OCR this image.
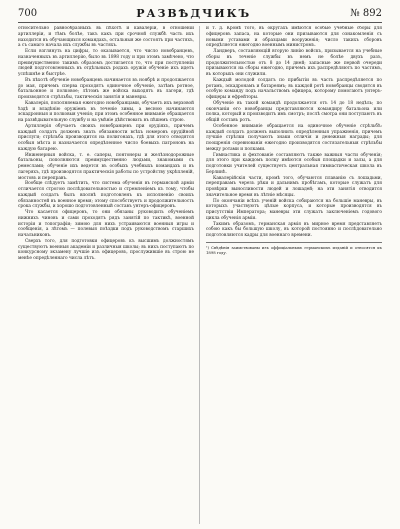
700	РАЗВѢДЧИКЪ	№ 892

относительно равнообразныхъ въ пѣхотѣ и кавалеріи, в отношеніи артиллеріи, и тѣмъ болѣе, такъ какъ при срочной службѣ часть ихъ находится въ обучающихся командахъ, остальныя же состоятъ при частяхъ, а съ самаго начала ихъ службы въ частяхъ.

Если взглянуть на цифры, то оказывается, что число новобранцевъ, назначенныхъ въ артиллерію, было въ 1898 году и при этомъ замѣчено, что преимущественно такимъ образомъ достигается то, что при поступленіи людей подготовленныхъ въ отдѣльныхъ родахъ оружія обученіе ихъ идетъ успѣшнѣе и быстрѣе.

Въ пѣхотѣ обученіе новобранцевъ начинается въ ноябрѣ и продолжается до мая, причемъ сперва проходятъ одиночное обученіе, затѣмъ ротное, батальонное и полковое; лѣтомъ же войска выходятъ въ лагери, гдѣ производятся стрѣльбы, тактическія занятія и маневры.

Кавалерія, пополняемая ежегодно новобранцами, обучаетъ ихъ верховой ѣздѣ и владѣнію оружіемъ въ теченіе зимы, а весною начинаются эскадронныя и полковыя ученія; при этомъ особенное вниманіе обращается на развѣдывательную службу и на умѣніе дѣйствовать въ пѣшемъ строю.

Артиллерія обучаетъ своихъ новобранцевъ при орудіяхъ, причемъ каждый солдатъ долженъ знать обязанности всѣхъ номеровъ орудійной прислуги; стрѣльба производится на полигонахъ, гдѣ для этого отводятся особыя мѣста и назначается опредѣленное число боевыхъ патроновъ на каждую батарею.

Инженерныя войска, т. е. саперы, понтонеры и желѣзнодорожные батальоны, пополняются преимущественно людьми, знакомыми съ ремеслами; обученіе ихъ ведется въ особыхъ учебныхъ командахъ и въ лагеряхъ, гдѣ производятся практическія работы по устройству укрѣпленій, мостовъ и переправъ.

Вообще слѣдуетъ замѣтить, что система обученія въ германской арміи отличается строгою послѣдовательностью и стремленіемъ къ тому, чтобы каждый солдатъ былъ вполнѣ подготовленъ къ исполненію своихъ обязанностей въ военное время; этому способствуетъ и продолжительность срока службы, и хорошо подготовленный составъ унтеръ-офицеровъ.

Что касается офицеровъ, то они обязаны руководить обученіемъ нижнихъ чиновъ и сами проходятъ рядъ занятій по тактикѣ, военной исторіи и топографіи; зимою для нихъ устраиваются военныя игры и сообщенія, а лѣтомъ — полевыя поѣздки подъ руководствомъ старшихъ начальниковъ.

Сверхъ того, для подготовки офицеровъ къ высшимъ должностямъ существуютъ военныя академіи и различныя школы; въ нихъ поступаютъ по конкурсному экзамену лучшіе изъ офицеровъ, прослужившіе въ строю не менѣе опредѣленнаго числа лѣтъ.

и т. д. Кромѣ того, въ округахъ имѣются особые учебные сборы для офицеровъ запаса, на которые они призываются для ознакомленія съ новыми уставами и образцами вооруженія; число такихъ сборовъ опредѣляется ежегодно военнымъ министромъ.

Ландверъ, составляющій вторую линію войскъ, призывается на учебные сборы въ теченіе службы въ немъ не болѣе двухъ разъ, продолжительностью отъ 8 до 14 дней; запасные же первой очереди призываются на сборы ежегодно, причемъ ихъ распредѣляютъ по частямъ, въ которыхъ они служили.

Каждый молодой солдатъ по прибытіи въ часть распредѣляется по ротамъ, эскадронамъ и батареямъ; въ каждой ротѣ новобранцы сводятся въ особую команду подъ начальствомъ офицера, которому помогаютъ унтеръ-офицеры и ефрейторы.

Обученіе въ такой командѣ продолжается отъ 14 до 18 недѣль; по окончаніи его новобранцы представляются командиру батальона или полка, который и производитъ имъ смотръ; послѣ смотра они поступаютъ въ общій составъ ротъ.

Особенное вниманіе обращается на одиночное обученіе стрѣльбѣ: каждый солдатъ долженъ выполнить опредѣленныя упражненія, причемъ лучшіе стрѣлки получаютъ знаки отличія и денежныя награды; для поощренія соревнованія ежегодно производятся состязательныя стрѣльбы между ротами и полками.

Гимнастика и фехтованіе составляютъ также важныя части обученія; для этого при каждомъ полку имѣются особыя площадки и залы, а для подготовки учителей существуетъ центральная гимнастическая школа въ Берлинѣ.

Кавалерійскія части, кромѣ того, обучаются плаванію съ лошадьми, переправамъ черезъ рѣки и дальнимъ пробѣгамъ, которые служатъ для провѣрки выносливости людей и лошадей; на эти занятія отводится значительное время въ лѣтніе мѣсяцы.

По окончаніи всѣхъ ученій войска собираются на большіе маневры, въ которыхъ участвуютъ цѣлые корпуса, и которые производятся въ присутствіи Императора; маневры эти служатъ заключеніемъ годового цикла обученія арміи.

Такимъ образомъ, германская армія въ мирное время представляетъ собою какъ бы большую школу, въ которой постоянно и послѣдовательно подготовляются кадры для военнаго времени.

¹) Свѣдѣнія заимствованы изъ оффиціальныхъ германскихъ изданій и относятся къ 1898 году.
